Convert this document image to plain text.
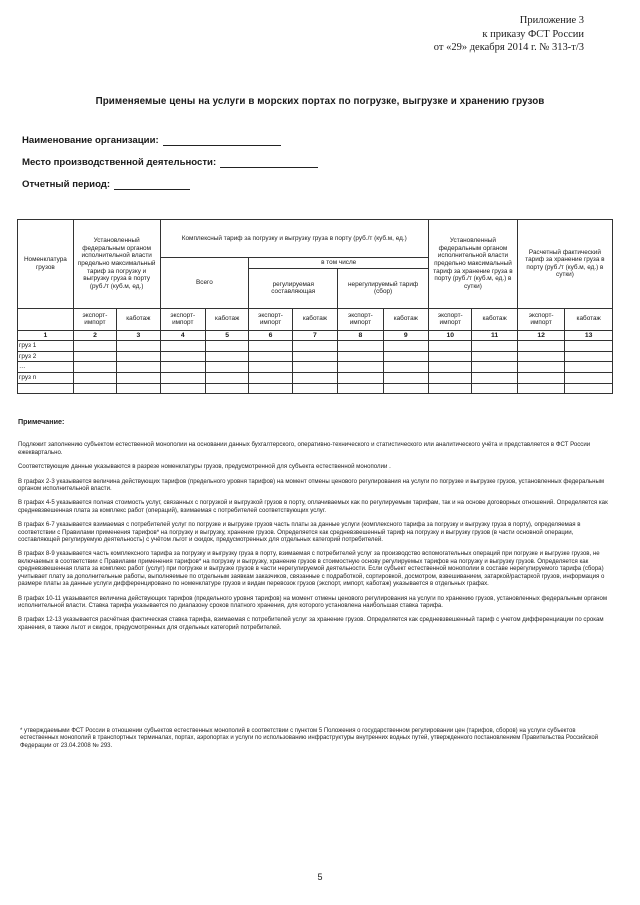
Приложение 3
к приказу ФСТ России
от «29» декабря 2014 г. № 313-т/3
Применяемые цены на услуги в морских портах по погрузке, выгрузке и хранению грузов
Наименование организации:
Место производственной деятельности:
Отчетный период:
Номенклатура грузов	Установленный федеральным органом исполнительной власти предельно максимальный тариф за погрузку и выгрузку груза в порту (руб./т (куб.м, ед.)		Комплексный тариф за погрузку и выгрузку груза в порту (руб./т (куб.м, ед.)						Установленный федеральным органом исполнительной власти предельно максимальный тариф за хранение груза в порту (руб./т (куб.м, ед.) в сутки)		Расчетный фактический тариф за хранение груза в порту (руб./т (куб.м, ед.) в сутки)	
			Всего		в том числе							
					регулируемая составляющая		нерегулируемый тариф (сбор)					
	экспорт-импорт	каботаж	экспорт-импорт	каботаж	экспорт-импорт	каботаж	экспорт-импорт	каботаж	экспорт-импорт	каботаж	экспорт-импорт	каботаж
1	2	3	4	5	6	7	8	9	10	11	12	13
груз 1												
груз 2												
…												
груз n												

Примечание:

Подлежит заполнению субъектом естественной монополии на основании данных бухгалтерского, оперативно-технического и статистического или аналитического учёта и представляется в ФСТ России ежеквартально.

Соответствующие данные указываются в разрезе номенклатуры грузов, предусмотренной для субъекта естественной монополии .

В графах 2-3 указывается величина действующих тарифов (предельного уровня тарифов) на момент отмены ценового регулирования на услуги по погрузке и выгрузке грузов, установленных федеральным органом исполнительной власти.

В графах 4-5 указывается полная стоимость услуг, связанных с погрузкой и выгрузкой грузов в порту, оплачиваемых как по регулируемым тарифам, так и на основе договорных отношений. Определяется как средневзвешенная плата за комплекс работ (операций), взимаемая с потребителей соответствующих услуг.

В графах 6-7 указывается взимаемая с потребителей услуг по погрузке и выгрузке грузов часть платы за данные услуги (комплексного тарифа за погрузку и выгрузку груза в порту), определяемая в соответствии с Правилами применения тарифов* на погрузку и выгрузку, хранение грузов. Определяется как средневзвешенный тариф на погрузку и выгрузку грузов (в части основной операции, составляющей регулируемую деятельность) с учётом льгот и скидок, предусмотренных для отдельных категорий потребителей.

В графах 8-9 указывается часть комплексного тарифа за погрузку и выгрузку груза в порту, взимаемая с потребителей услуг за производство вспомогательных операций при погрузке и выгрузке грузов, не включаемых в соответствии с Правилами применения тарифов* на погрузку и выгрузку, хранение грузов в стоимостную основу регулируемых тарифов на погрузку и выгрузку грузов. Определяется как средневзвешенная плата за комплекс работ (услуг) при погрузке и выгрузке грузов в части нерегулируемой деятельности. Если субъект естественной монополии в составе нерегулируемого тарифа (сбора) учитывает плату за дополнительные работы, выполняемые по отдельным заявкам заказчиков, связанные с подработкой, сортировкой, досмотром, взвешиванием, затаркой/растаркой грузов, информация о размере платы за данные услуги дифференцировано по номенклатуре грузов и видам перевозок грузов (экспорт, импорт, каботаж) указывается в отдельных графах.

В графах 10-11 указывается величина действующих тарифов (предельного уровня тарифов) на момент отмены ценового регулирования на услуги по хранению грузов, установленных федеральным органом исполнительной власти. Ставка тарифа указывается по диапазону сроков платного хранения, для которого установлена наибольшая ставка тарифа.

В графах 12-13 указывается расчётная фактическая ставка тарифа, взимаемая с потребителей услуг за хранение грузов. Определяется как средневзвешенный тариф с учетом дифференциации по срокам хранения, в также льгот и скидок, предусмотренных для отдельных категорий потребителей.

* утверждаемыми ФСТ России в отношении субъектов естественных монополий в соответствии с пунктом 5 Положения о государственном регулировании цен (тарифов, сборов) на услуги субъектов естественных монополий в транспортных терминалах, портах, аэропортах и услуги по использованию инфраструктуры внутренних водных путей, утвержденного постановлением Правительства Российской Федерации от 23.04.2008 № 293.
5
